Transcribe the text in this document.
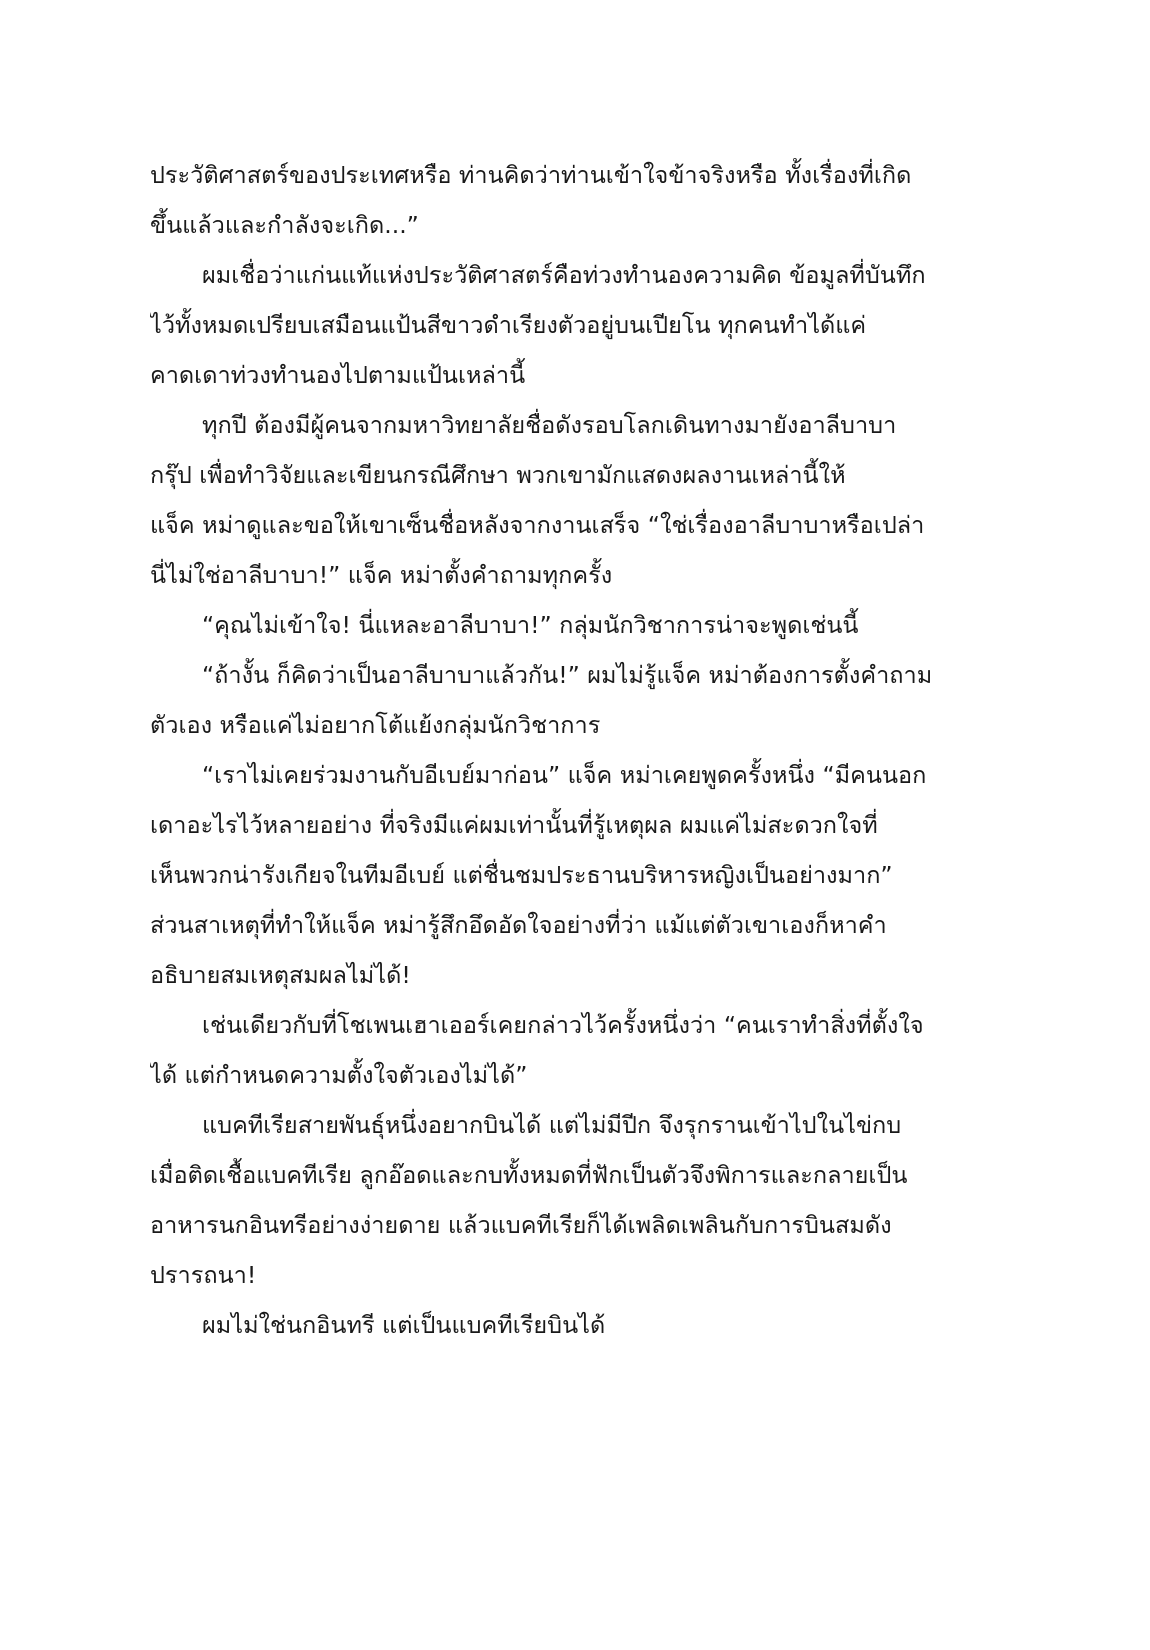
ประวัติศาสตร์ของประเทศหรือ ท่านคิดว่าท่านเข้าใจข้าจริงหรือ ทั้งเรื่องที่เกิด
ขึ้นแล้วและกำลังจะเกิด...”
ผมเชื่อว่าแก่นแท้แห่งประวัติศาสตร์คือท่วงทำนองความคิด ข้อมูลที่บันทึก
ไว้ทั้งหมดเปรียบเสมือนแป้นสีขาวดำเรียงตัวอยู่บนเปียโน ทุกคนทำได้แค่
คาดเดาท่วงทำนองไปตามแป้นเหล่านี้
ทุกปี ต้องมีผู้คนจากมหาวิทยาลัยชื่อดังรอบโลกเดินทางมายังอาลีบาบา
กรุ๊ป เพื่อทำวิจัยและเขียนกรณีศึกษา พวกเขามักแสดงผลงานเหล่านี้ให้
แจ็ค หม่าดูและขอให้เขาเซ็นชื่อหลังจากงานเสร็จ “ใช่เรื่องอาลีบาบาหรือเปล่า
นี่ไม่ใช่อาลีบาบา!” แจ็ค หม่าตั้งคำถามทุกครั้ง
“คุณไม่เข้าใจ! นี่แหละอาลีบาบา!” กลุ่มนักวิชาการน่าจะพูดเช่นนี้
“ถ้างั้น ก็คิดว่าเป็นอาลีบาบาแล้วกัน!” ผมไม่รู้แจ็ค หม่าต้องการตั้งคำถาม
ตัวเอง หรือแค่ไม่อยากโต้แย้งกลุ่มนักวิชาการ
“เราไม่เคยร่วมงานกับอีเบย์มาก่อน” แจ็ค หม่าเคยพูดครั้งหนึ่ง “มีคนนอก
เดาอะไรไว้หลายอย่าง ที่จริงมีแค่ผมเท่านั้นที่รู้เหตุผล ผมแค่ไม่สะดวกใจที่
เห็นพวกน่ารังเกียจในทีมอีเบย์ แต่ชื่นชมประธานบริหารหญิงเป็นอย่างมาก”
ส่วนสาเหตุที่ทำให้แจ็ค หม่ารู้สึกอึดอัดใจอย่างที่ว่า แม้แต่ตัวเขาเองก็หาคำ
อธิบายสมเหตุสมผลไม่ได้!
เช่นเดียวกับที่โชเพนเฮาเออร์เคยกล่าวไว้ครั้งหนึ่งว่า “คนเราทำสิ่งที่ตั้งใจ
ได้ แต่กำหนดความตั้งใจตัวเองไม่ได้”
แบคทีเรียสายพันธุ์หนึ่งอยากบินได้ แต่ไม่มีปีก จึงรุกรานเข้าไปในไข่กบ
เมื่อติดเชื้อแบคทีเรีย ลูกอ๊อดและกบทั้งหมดที่ฟักเป็นตัวจึงพิการและกลายเป็น
อาหารนกอินทรีอย่างง่ายดาย แล้วแบคทีเรียก็ได้เพลิดเพลินกับการบินสมดัง
ปรารถนา!
ผมไม่ใช่นกอินทรี แต่เป็นแบคทีเรียบินได้
